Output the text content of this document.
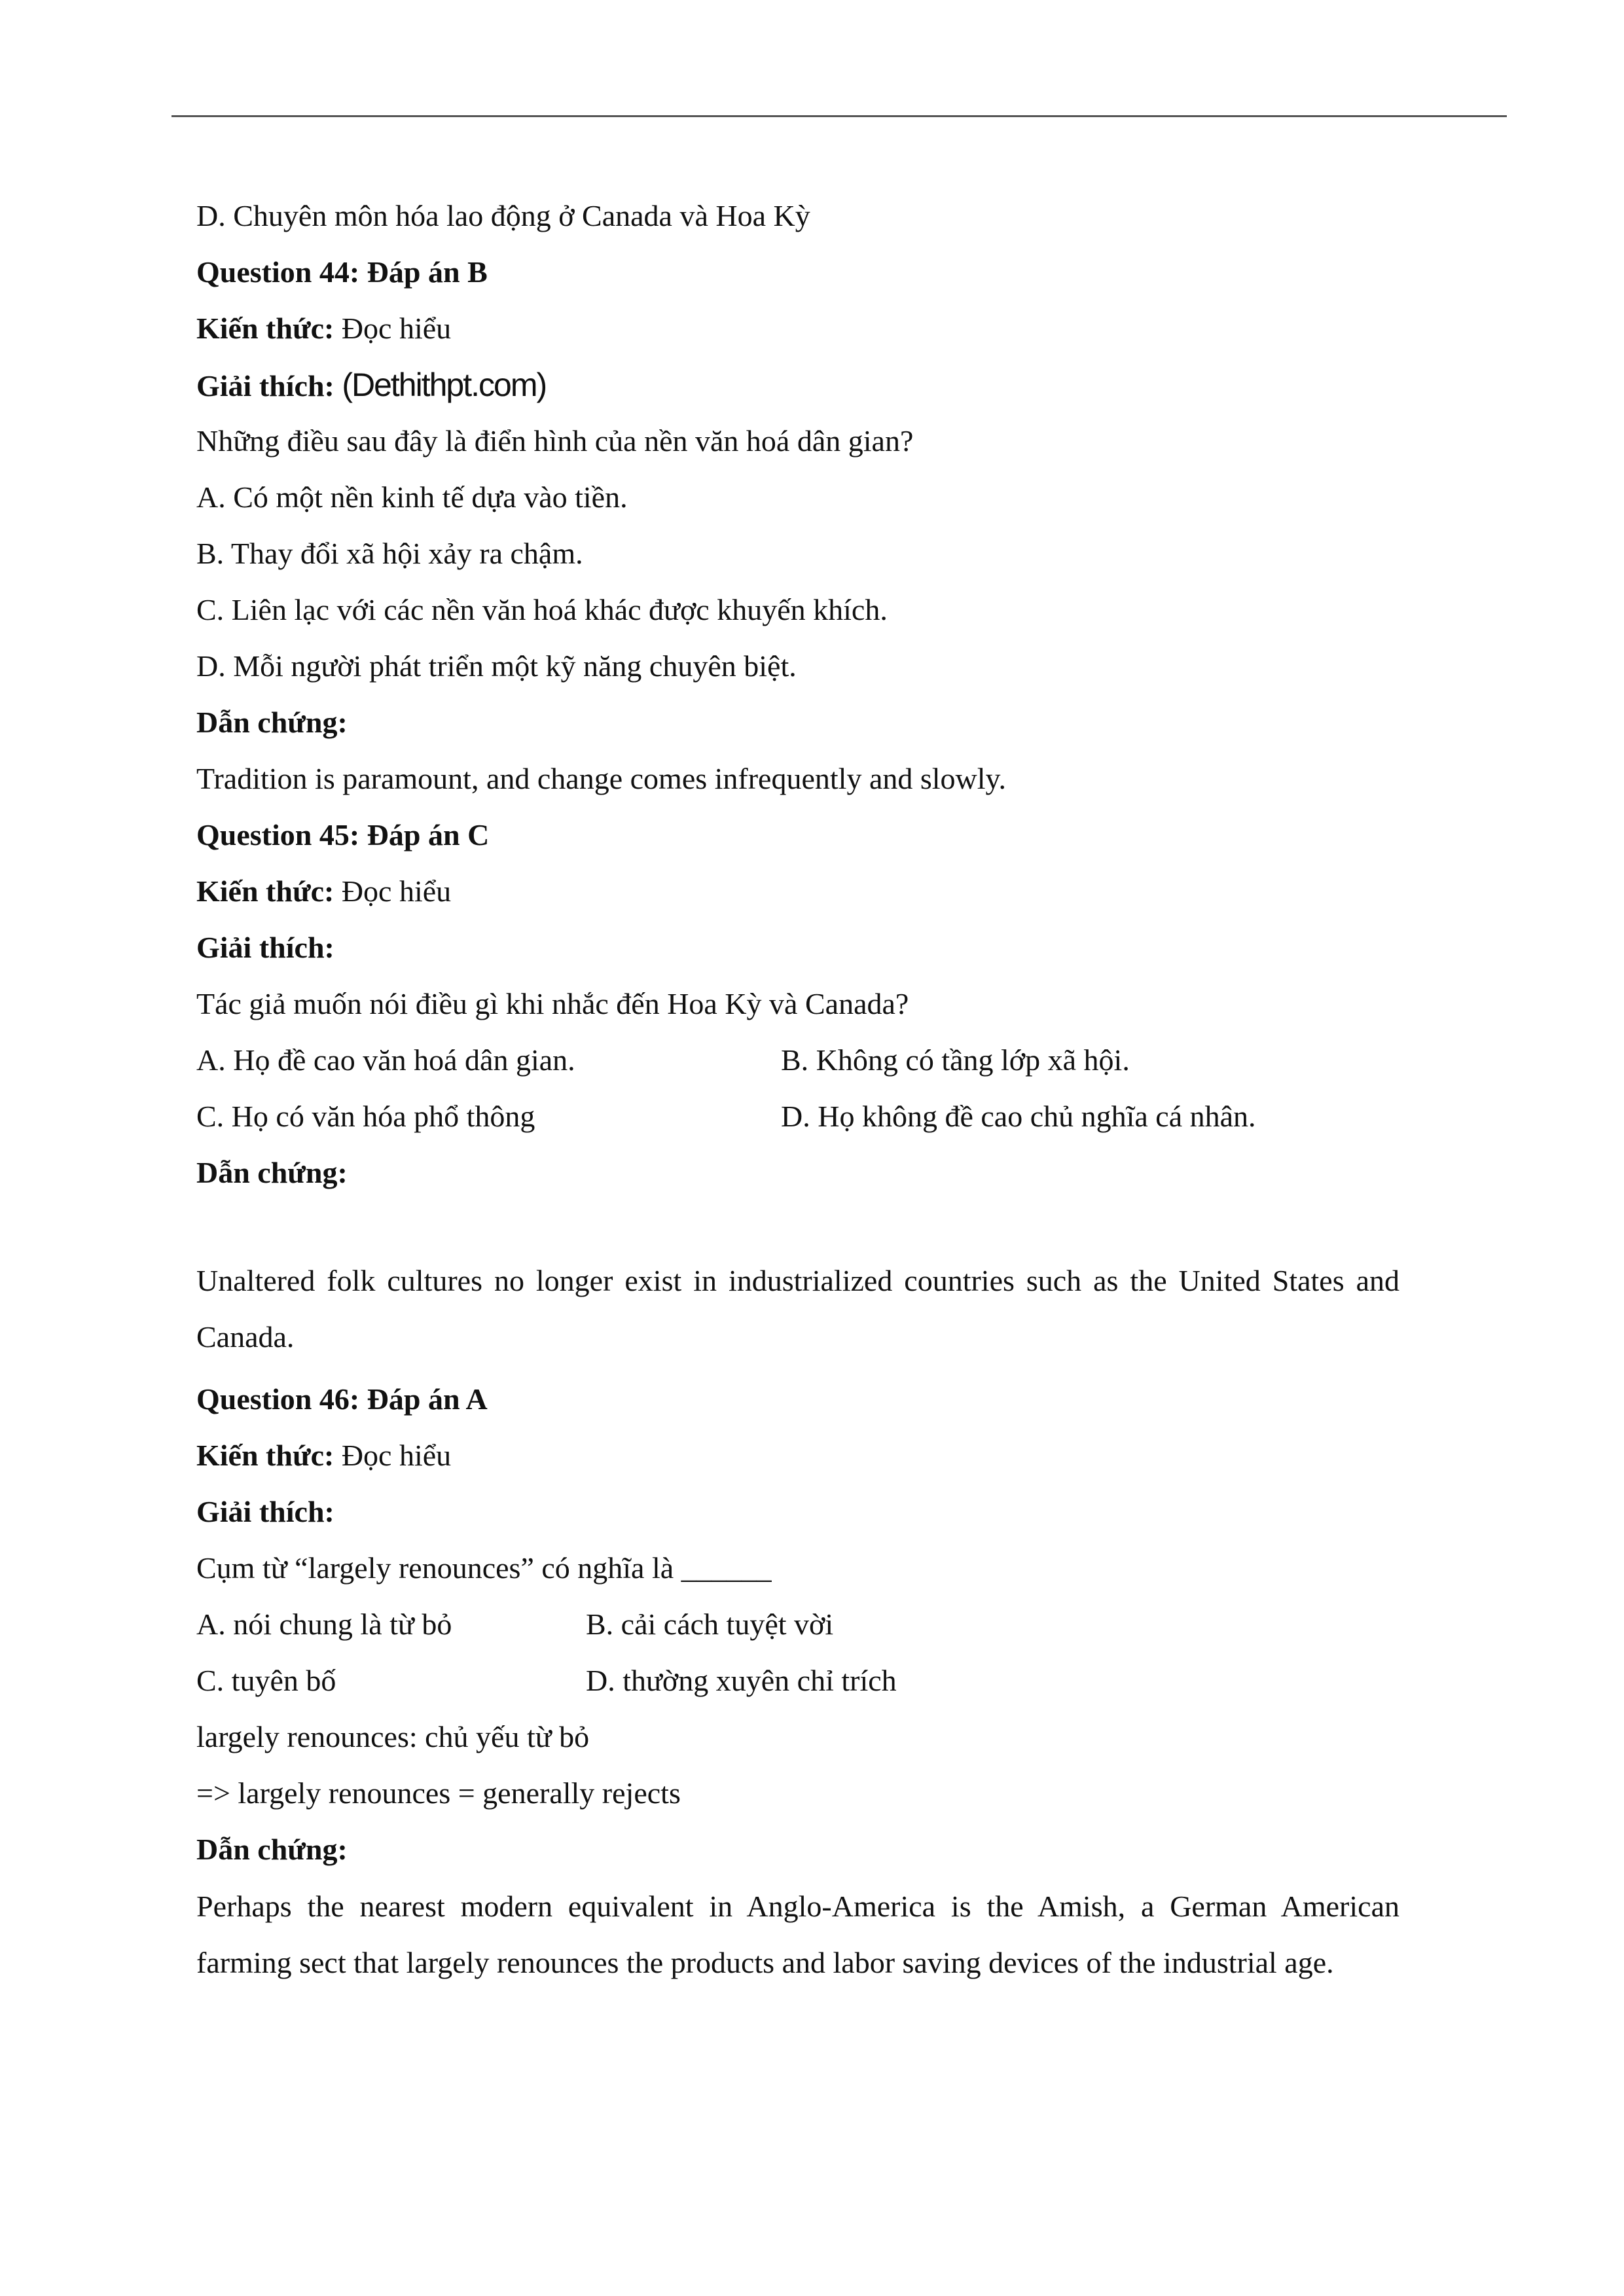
D. Chuyên môn hóa lao động ở Canada và Hoa Kỳ
Question 44: Đáp án B
Kiến thức: Đọc hiểu
Giải thích: (Dethithpt.com)
Những điều sau đây là điển hình của nền văn hoá dân gian?
A. Có một nền kinh tế dựa vào tiền.
B. Thay đổi xã hội xảy ra chậm.
C. Liên lạc với các nền văn hoá khác được khuyến khích.
D. Mỗi người phát triển một kỹ năng chuyên biệt.
Dẫn chứng:
Tradition is paramount, and change comes infrequently and slowly.
Question 45: Đáp án C
Kiến thức: Đọc hiểu
Giải thích:
Tác giả muốn nói điều gì khi nhắc đến Hoa Kỳ và Canada?
A. Họ đề cao văn hoá dân gian.	B. Không có tầng lớp xã hội.
C. Họ có văn hóa phổ thông	D. Họ không đề cao chủ nghĩa cá nhân.
Dẫn chứng:
Unaltered folk cultures no longer exist in industrialized countries such as the United States and Canada.
Question 46: Đáp án A
Kiến thức: Đọc hiểu
Giải thích:
Cụm từ “largely renounces” có nghĩa là ______
A. nói chung là từ bỏ	B. cải cách tuyệt vời
C. tuyên bố	D. thường xuyên chỉ trích
largely renounces: chủ yếu từ bỏ
=> largely renounces = generally rejects
Dẫn chứng:
Perhaps the nearest modern equivalent in Anglo-America is the Amish, a German American farming sect that largely renounces the products and labor saving devices of the industrial age.
